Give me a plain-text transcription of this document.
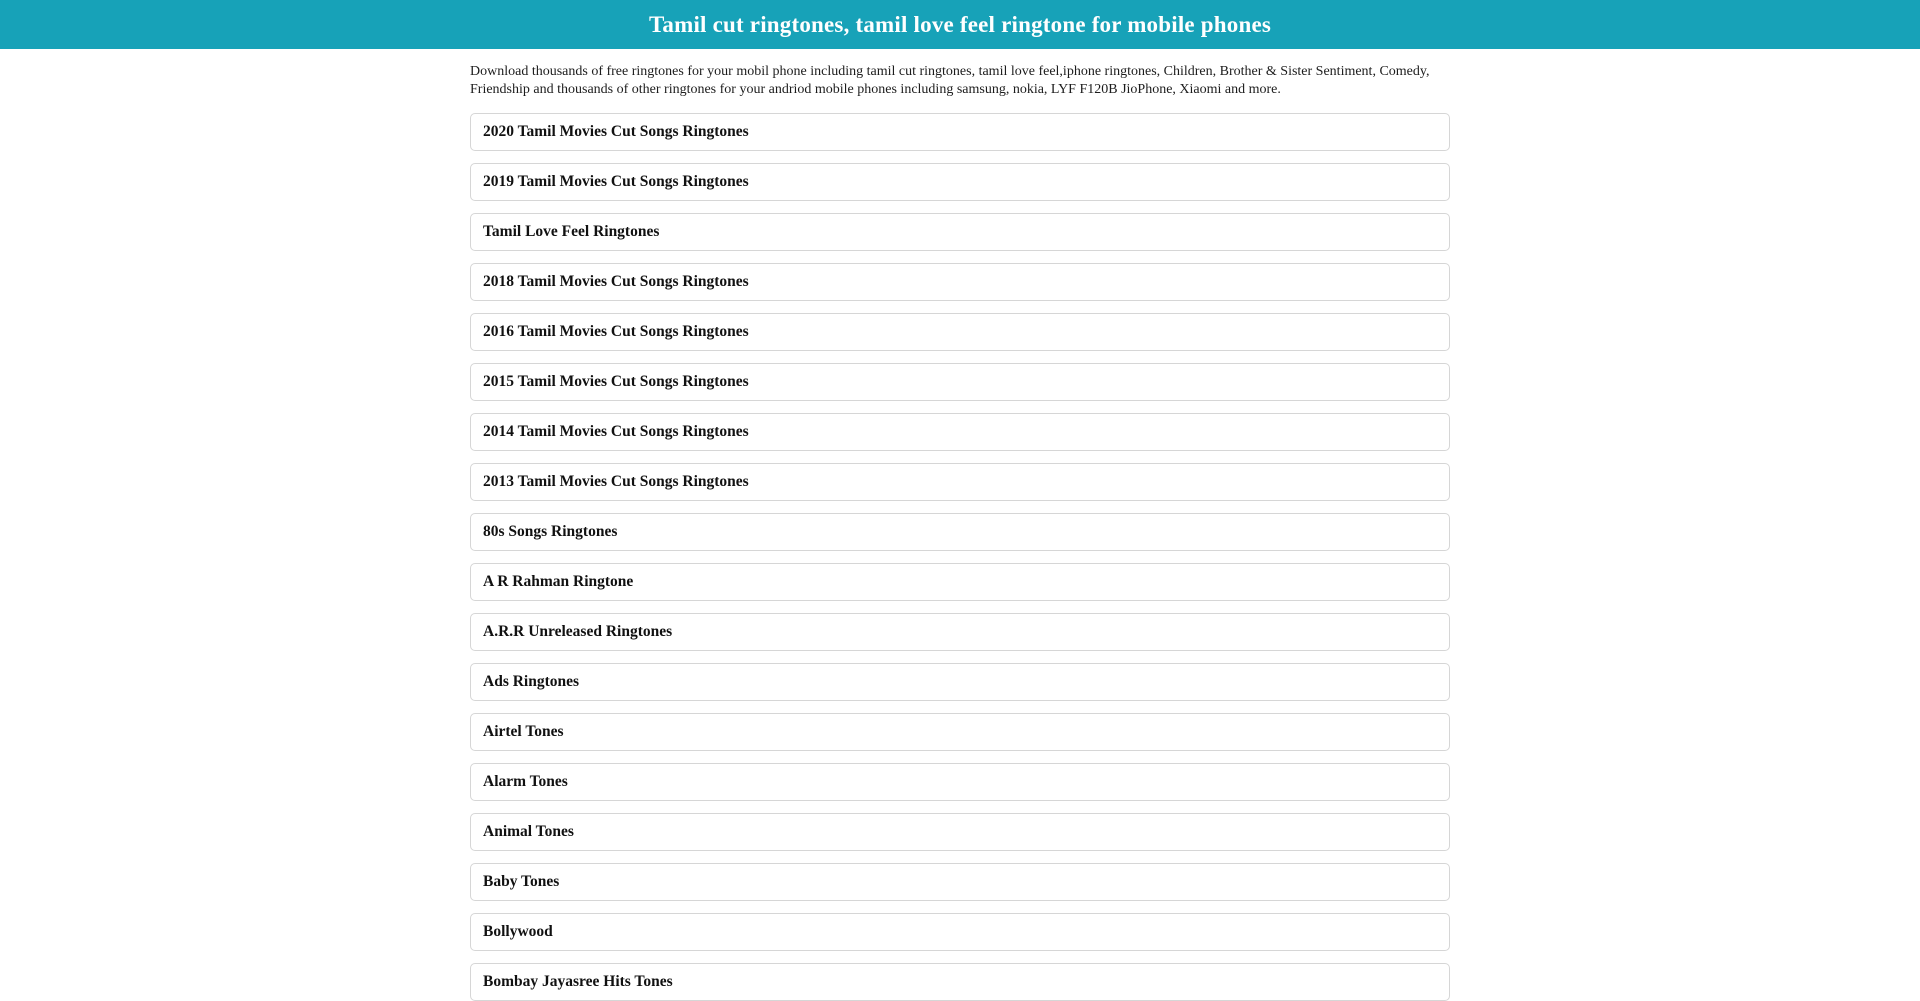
Tamil cut ringtones, tamil love feel ringtone for mobile phones

Download thousands of free ringtones for your mobil phone including tamil cut ringtones, tamil love feel,iphone ringtones, Children, Brother & Sister Sentiment, Comedy, Friendship and thousands of other ringtones for your andriod mobile phones including samsung, nokia, LYF F120B JioPhone, Xiaomi and more.

2020 Tamil Movies Cut Songs Ringtones
2019 Tamil Movies Cut Songs Ringtones
Tamil Love Feel Ringtones
2018 Tamil Movies Cut Songs Ringtones
2016 Tamil Movies Cut Songs Ringtones
2015 Tamil Movies Cut Songs Ringtones
2014 Tamil Movies Cut Songs Ringtones
2013 Tamil Movies Cut Songs Ringtones
80s Songs Ringtones
A R Rahman Ringtone
A.R.R Unreleased Ringtones
Ads Ringtones
Airtel Tones
Alarm Tones
Animal Tones
Baby Tones
Bollywood
Bombay Jayasree Hits Tones
